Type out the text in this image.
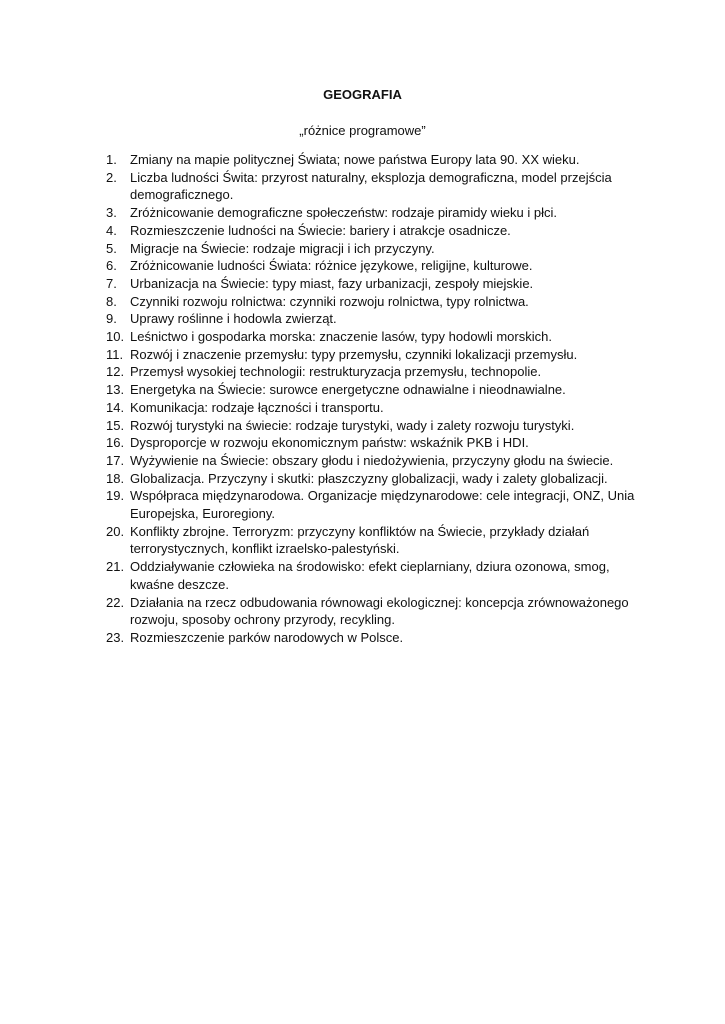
GEOGRAFIA
„różnice programowe”
1.	Zmiany na mapie politycznej Świata; nowe państwa Europy lata 90. XX wieku.
2.	Liczba ludności Świta: przyrost naturalny, eksplozja demograficzna, model przejścia demograficznego.
3.	Zróżnicowanie demograficzne społeczeństw: rodzaje piramidy wieku i płci.
4.	Rozmieszczenie ludności na Świecie: bariery i atrakcje osadnicze.
5.	Migracje na Świecie: rodzaje migracji i ich przyczyny.
6.	Zróżnicowanie ludności Świata: różnice językowe, religijne, kulturowe.
7.	Urbanizacja na Świecie: typy miast, fazy urbanizacji, zespoły miejskie.
8.	Czynniki rozwoju rolnictwa: czynniki rozwoju rolnictwa, typy rolnictwa.
9.	Uprawy roślinne i hodowla zwierząt.
10. Leśnictwo i gospodarka morska: znaczenie lasów, typy hodowli morskich.
11. Rozwój i znaczenie przemysłu: typy przemysłu, czynniki lokalizacji przemysłu.
12. Przemysł wysokiej technologii: restrukturyzacja przemysłu, technopolie.
13. Energetyka na Świecie: surowce energetyczne odnawialne i nieodnawialne.
14. Komunikacja: rodzaje łączności i transportu.
15. Rozwój turystyki na świecie: rodzaje turystyki, wady i zalety rozwoju turystyki.
16. Dysproporcje w rozwoju ekonomicznym państw: wskaźnik PKB i HDI.
17. Wyżywienie na Świecie: obszary głodu i niedożywienia, przyczyny głodu na świecie.
18. Globalizacja. Przyczyny i skutki: płaszczyzny globalizacji, wady i zalety globalizacji.
19. Współpraca międzynarodowa. Organizacje międzynarodowe: cele integracji, ONZ, Unia Europejska, Euroregiony.
20. Konflikty zbrojne. Terroryzm: przyczyny konfliktów na Świecie, przykłady działań terrorystycznych, konflikt izraelsko-palestyński.
21. Oddziaływanie człowieka na środowisko: efekt cieplarniany, dziura ozonowa, smog, kwaśne deszcze.
22. Działania na rzecz odbudowania równowagi ekologicznej: koncepcja zrównoważonego rozwoju, sposoby ochrony przyrody, recykling.
23. Rozmieszczenie parków narodowych w Polsce.
